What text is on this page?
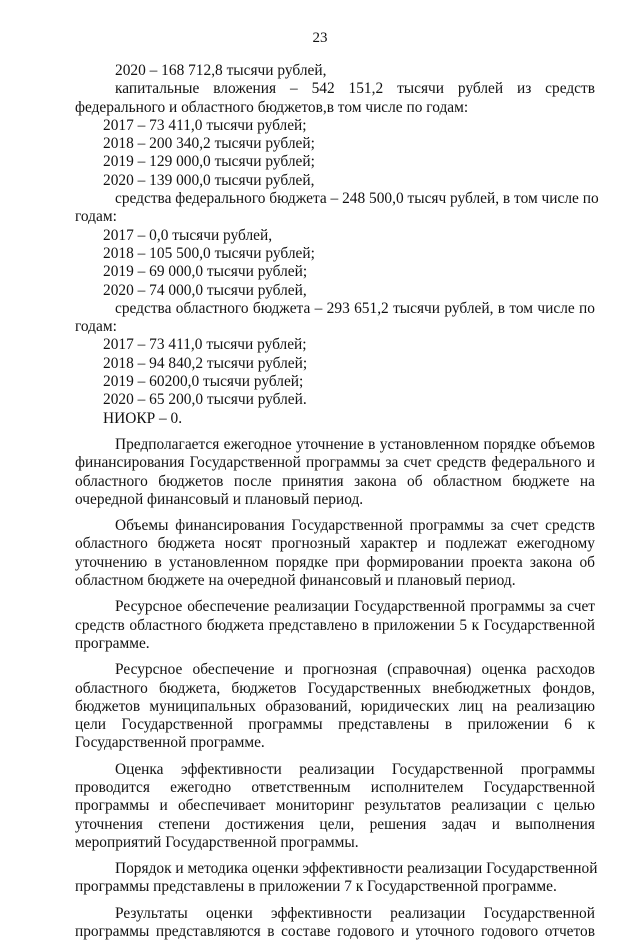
23
2020 – 168 712,8 тысячи рублей,
капитальные вложения – 542 151,2 тысячи рублей из средств
федерального и областного бюджетов,в том числе по годам:
2017 – 73 411,0 тысячи рублей;
2018 – 200 340,2 тысячи рублей;
2019 – 129 000,0 тысячи рублей;
2020 – 139 000,0 тысячи рублей,
средства федерального бюджета – 248 500,0 тысяч рублей, в том числе по
годам:
2017 – 0,0 тысячи рублей,
2018 – 105 500,0 тысячи рублей;
2019 – 69 000,0 тысячи рублей;
2020 – 74 000,0 тысячи рублей,
средства областного бюджета – 293 651,2 тысячи рублей, в том числе по
годам:
2017 – 73 411,0 тысячи рублей;
2018 – 94 840,2 тысячи рублей;
2019 – 60200,0 тысячи рублей;
2020 – 65 200,0 тысячи рублей.
НИОКР – 0.
Предполагается ежегодное уточнение в установленном порядке объемов
финансирования Государственной программы за счет средств федерального и областного бюджетов после принятия закона об областном бюджете на очередной финансовый и плановый период.
Объемы финансирования Государственной программы за счет средств
областного бюджета носят прогнозный характер и подлежат ежегодному уточнению в установленном порядке при формировании проекта закона об областном бюджете на очередной финансовый и плановый период.
Ресурсное обеспечение реализации Государственной программы за счет
средств областного бюджета представлено в приложении 5 к Государственной программе.
Ресурсное обеспечение и прогнозная (справочная) оценка расходов
областного бюджета, бюджетов Государственных внебюджетных фондов, бюджетов муниципальных образований, юридических лиц на реализацию цели Государственной программы представлены в приложении 6 к Государственной программе.
Оценка эффективности реализации Государственной программы
проводится ежегодно ответственным исполнителем Государственной программы и обеспечивает мониторинг результатов реализации с целью уточнения степени достижения цели, решения задач и выполнения мероприятий Государственной программы.
Порядок и методика оценки эффективности реализации Государственной
программы представлены в приложении 7 к Государственной программе.
Результаты оценки эффективности реализации Государственной
программы представляются в составе годового и уточного годового отчетов
